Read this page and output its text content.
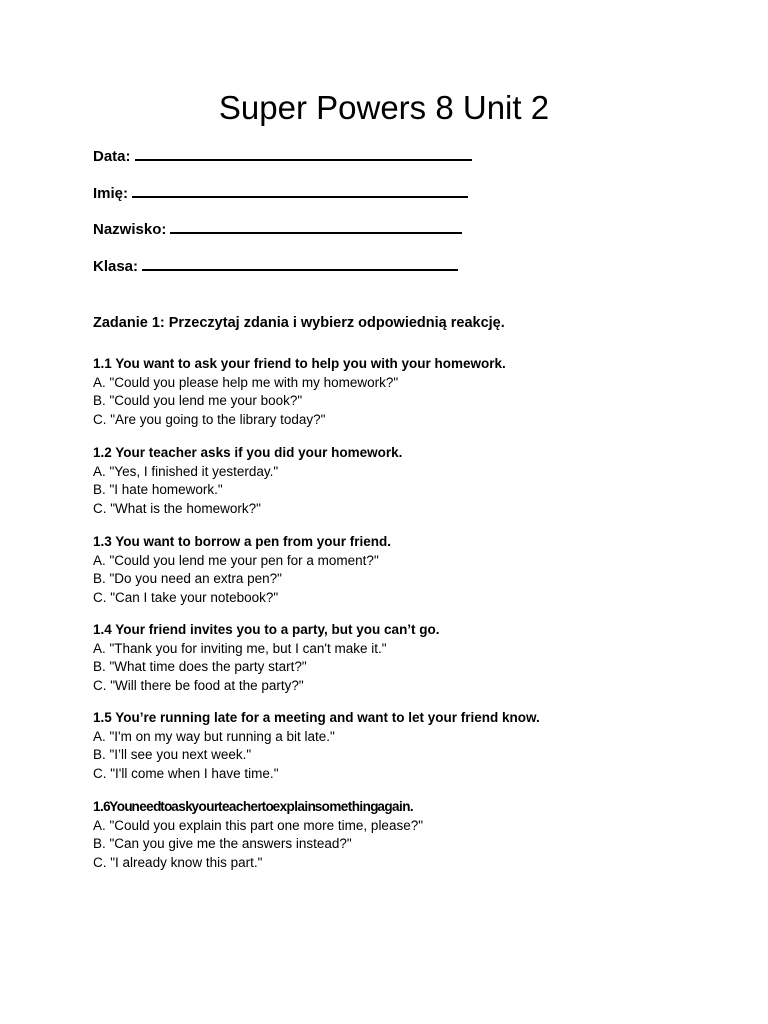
Super Powers 8 Unit 2
Data:
Imię:
Nazwisko:
Klasa:
Zadanie 1: Przeczytaj zdania i wybierz odpowiednią reakcję.
1.1 You want to ask your friend to help you with your homework.
A. "Could you please help me with my homework?"
B. "Could you lend me your book?"
C. "Are you going to the library today?"
1.2 Your teacher asks if you did your homework.
A. "Yes, I finished it yesterday."
B. "I hate homework."
C. "What is the homework?"
1.3 You want to borrow a pen from your friend.
A. "Could you lend me your pen for a moment?"
B. "Do you need an extra pen?"
C. "Can I take your notebook?"
1.4 Your friend invites you to a party, but you can’t go.
A. "Thank you for inviting me, but I can't make it."
B. "What time does the party start?"
C. "Will there be food at the party?"
1.5 You’re running late for a meeting and want to let your friend know.
A. "I'm on my way but running a bit late."
B. "I’ll see you next week."
C. "I'll come when I have time."
1.6 You need to ask your teacher to explain something again.
A. "Could you explain this part one more time, please?"
B. "Can you give me the answers instead?"
C. "I already know this part."
